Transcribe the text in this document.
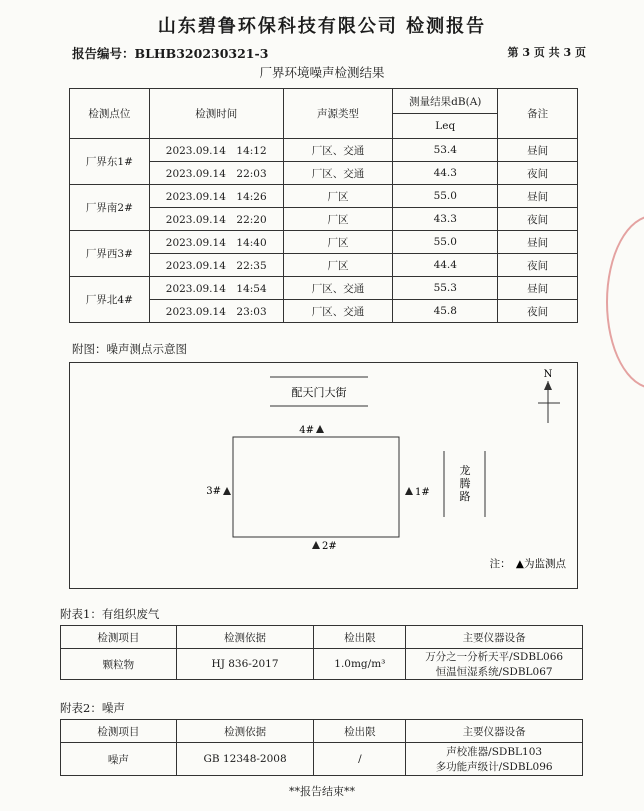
山东碧鲁环保科技有限公司 检测报告
报告编号：BLHB320230321-3	第 3 页 共 3 页
厂界环境噪声检测结果
检测点位	检测时间	声源类型	测量结果dB(A)	备注
			Leq	
厂界东1#	2023.09.14　14:12	厂区、交通	53.4	昼间
	2023.09.14　22:03	厂区、交通	44.3	夜间
厂界南2#	2023.09.14　14:26	厂区	55.0	昼间
	2023.09.14　22:20	厂区	43.3	夜间
厂界西3#	2023.09.14　14:40	厂区	55.0	昼间
	2023.09.14　22:35	厂区	44.4	夜间
厂界北4#	2023.09.14　14:54	厂区、交通	55.3	昼间
	2023.09.14　23:03	厂区、交通	45.8	夜间
附图：噪声测点示意图
配天门大街
龙
腾
路
4#
2#
3#	1#
N
注：　▲为监测点
附表1：有组织废气
检测项目	检测依据	检出限	主要仪器设备
颗粒物	HJ 836-2017	1.0mg/m³	万分之一分析天平/SDBL066
恒温恒湿系统/SDBL067
附表2：噪声
检测项目	检测依据	检出限	主要仪器设备
噪声	GB 12348-2008	/	声校准器/SDBL103
多功能声级计/SDBL096
**报告结束**
